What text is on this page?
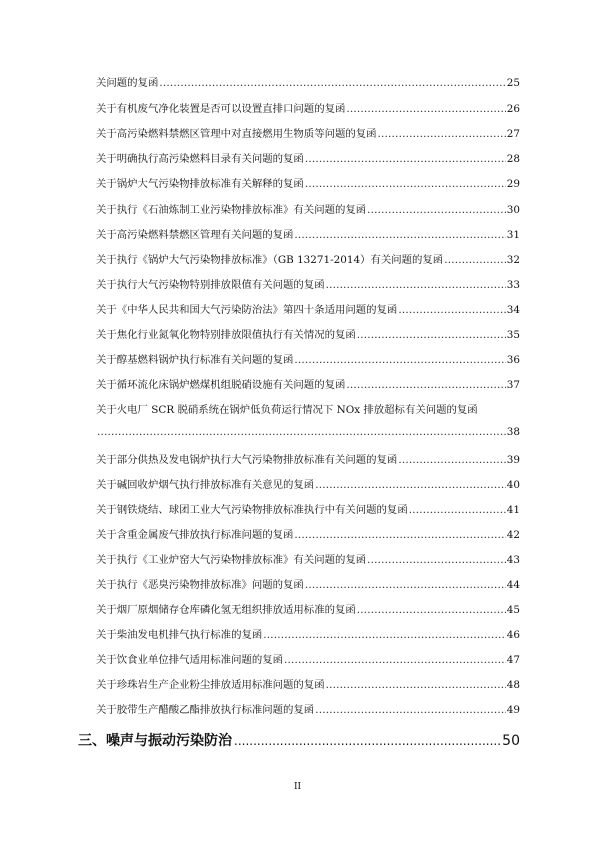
关问题的复函 .....	25
关于有机废气净化装置是否可以设置直排口问题的复函 .....	26
关于高污染燃料禁燃区管理中对直接燃用生物质等问题的复函 .....	27
关于明确执行高污染燃料目录有关问题的复函 .....	28
关于锅炉大气污染物排放标准有关解释的复函 .....	29
关于执行《石油炼制工业污染物排放标准》有关问题的复函 .....	30
关于高污染燃料禁燃区管理有关问题的复函 .....	31
关于执行《锅炉大气污染物排放标准》（GB 13271-2014）有关问题的复函 .....	32
关于执行大气污染物特别排放限值有关问题的复函 .....	33
关于《中华人民共和国大气污染防治法》第四十条适用问题的复函 .....	34
关于焦化行业氮氧化物特别排放限值执行有关情况的复函 .....	35
关于醇基燃料锅炉执行标准有关问题的复函 .....	36
关于循环流化床锅炉燃煤机组脱硝设施有关问题的复函 .....	37
关于火电厂 SCR 脱硝系统在锅炉低负荷运行情况下 NOx 排放超标有关问题的复函
.....
38
关于部分供热及发电锅炉执行大气污染物排放标准有关问题的复函 .....	39
关于碱回收炉烟气执行排放标准有关意见的复函 .....	40
关于钢铁烧结、球团工业大气污染物排放标准执行中有关问题的复函 .....	41
关于含重金属废气排放执行标准问题的复函 .....	42
关于执行《工业炉窑大气污染物排放标准》有关问题的复函 .....	43
关于执行《恶臭污染物排放标准》问题的复函 .....	44
关于烟厂原烟储存仓库磷化氢无组织排放适用标准的复函 .....	45
关于柴油发电机排气执行标准的复函 .....	46
关于饮食业单位排气适用标准问题的复函 .....	47
关于珍珠岩生产企业粉尘排放适用标准问题的复函 .....	48
关于胶带生产醋酸乙酯排放执行标准问题的复函 .....	49
三、噪声与振动污染防治 .....	50
II
